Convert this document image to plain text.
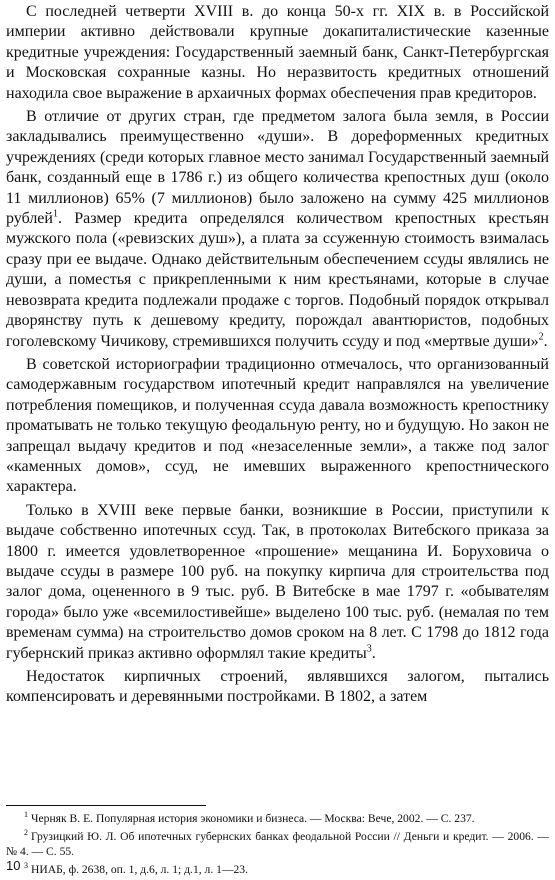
С последней четверти XVIII в. до конца 50-х гг. XIX в. в Российской империи активно действовали крупные докапиталистические казенные кредитные учреждения: Государственный заемный банк, Санкт-Петербургская и Московская сохранные казны. Но неразвитость кредитных отношений находила свое выражение в архаичных формах обеспечения прав кредиторов.

В отличие от других стран, где предметом залога была земля, в России закладывались преимущественно «души». В дореформенных кредитных учреждениях (среди которых главное место занимал Государственный заемный банк, созданный еще в 1786 г.) из общего количества крепостных душ (около 11 миллионов) 65% (7 миллионов) было заложено на сумму 425 миллионов рублей$^1$. Размер кредита определялся количеством крепостных крестьян мужского пола («ревизских душ»), а плата за ссуженную стоимость взималась сразу при ее выдаче. Однако действительным обеспечением ссуды являлись не души, а поместья с прикрепленными к ним крестьянами, которые в случае невозврата кредита подлежали продаже с торгов. Подобный порядок открывал дворянству путь к дешевому кредиту, порождал авантюристов, подобных гоголевскому Чичикову, стремившихся получить ссуду и под «мертвые души»$^2$.

В советской историографии традиционно отмечалось, что организованный самодержавным государством ипотечный кредит направлялся на увеличение потребления помещиков, и полученная ссуда давала возможность крепостнику проматывать не только текущую феодальную ренту, но и будущую. Но закон не запрещал выдачу кредитов и под «незаселенные земли», а также под залог «каменных домов», ссуд, не имевших выраженного крепостнического характера.

Только в XVIII веке первые банки, возникшие в России, приступили к выдаче собственно ипотечных ссуд. Так, в протоколах Витебского приказа за 1800 г. имеется удовлетворенное «прошение» мещанина И. Боруховича о выдаче ссуды в размере 100 руб. на покупку кирпича для строительства под залог дома, оцененного в 9 тыс. руб. В Витебске в мае 1797 г. «обывателям города» было уже «всемилостивейше» выделено 100 тыс. руб. (немалая по тем временам сумма) на строительство домов сроком на 8 лет. С 1798 до 1812 года губернский приказ активно оформлял такие кредиты$^3$.

Недостаток кирпичных строений, являвшихся залогом, пытались компенсировать и деревянными постройками. В 1802, а затем

$^1$ Черняк В. Е. Популярная история экономики и бизнеса. — Москва: Вече, 2002. — С. 237.

$^2$ Грузицкий Ю. Л. Об ипотечных губернских банках феодальной России // Деньги и кредит. — 2006. — № 4. — С. 55.

$^3$ НИАБ, ф. 2638, оп. 1, д.6, л. 1; д.1, л. 1—23.

10
